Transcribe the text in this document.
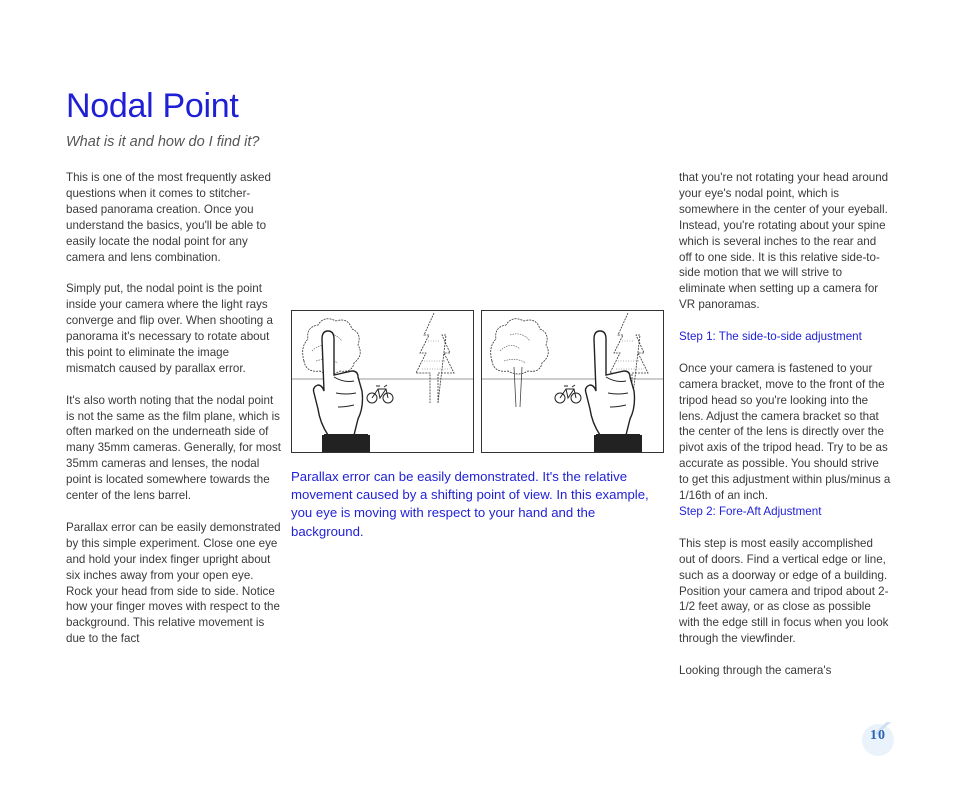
Nodal Point

What is it and how do I find it?

This is one of the most frequently asked questions when it comes to stitcher-based panorama creation. Once you understand the basics, you'll be able to easily locate the nodal point for any camera and lens combination.

Simply put, the nodal point is the point inside your camera where the light rays converge and flip over. When shooting a panorama it's necessary to rotate about this point to eliminate the image mismatch caused by parallax error.

It's also worth noting that the nodal point is not the same as the film plane, which is often marked on the underneath side of many 35mm cameras. Generally, for most 35mm cameras and lenses, the nodal point is located somewhere towards the center of the lens barrel.

Parallax error can be easily demonstrated by this simple experiment. Close one eye and hold your index finger upright about six inches away from your open eye. Rock your head from side to side. Notice how your finger moves with respect to the background. This relative movement is due to the fact

Parallax error can be easily demonstrated. It's the relative movement caused by a shifting point of view. In this example, you eye is moving with respect to your hand and the background.

that you're not rotating your head around your eye's nodal point, which is somewhere in the center of your eyeball. Instead, you're rotating about your spine which is several inches to the rear and off to one side. It is this relative side-to-side motion that we will strive to eliminate when setting up a camera for VR panoramas.

Step 1: The side-to-side adjustment

Once your camera is fastened to your camera bracket, move to the front of the tripod head so you're looking into the lens. Adjust the camera bracket so that the center of the lens is directly over the pivot axis of the tripod head. Try to be as accurate as possible. You should strive to get this adjustment within plus/minus a 1/16th of an inch.

Step 2: Fore-Aft Adjustment

This step is most easily accomplished out of doors. Find a vertical edge or line, such as a doorway or edge of a building. Position your camera and tripod about 2-1/2 feet away, or as close as possible with the edge still in focus when you look through the viewfinder.

Looking through the camera's

10
